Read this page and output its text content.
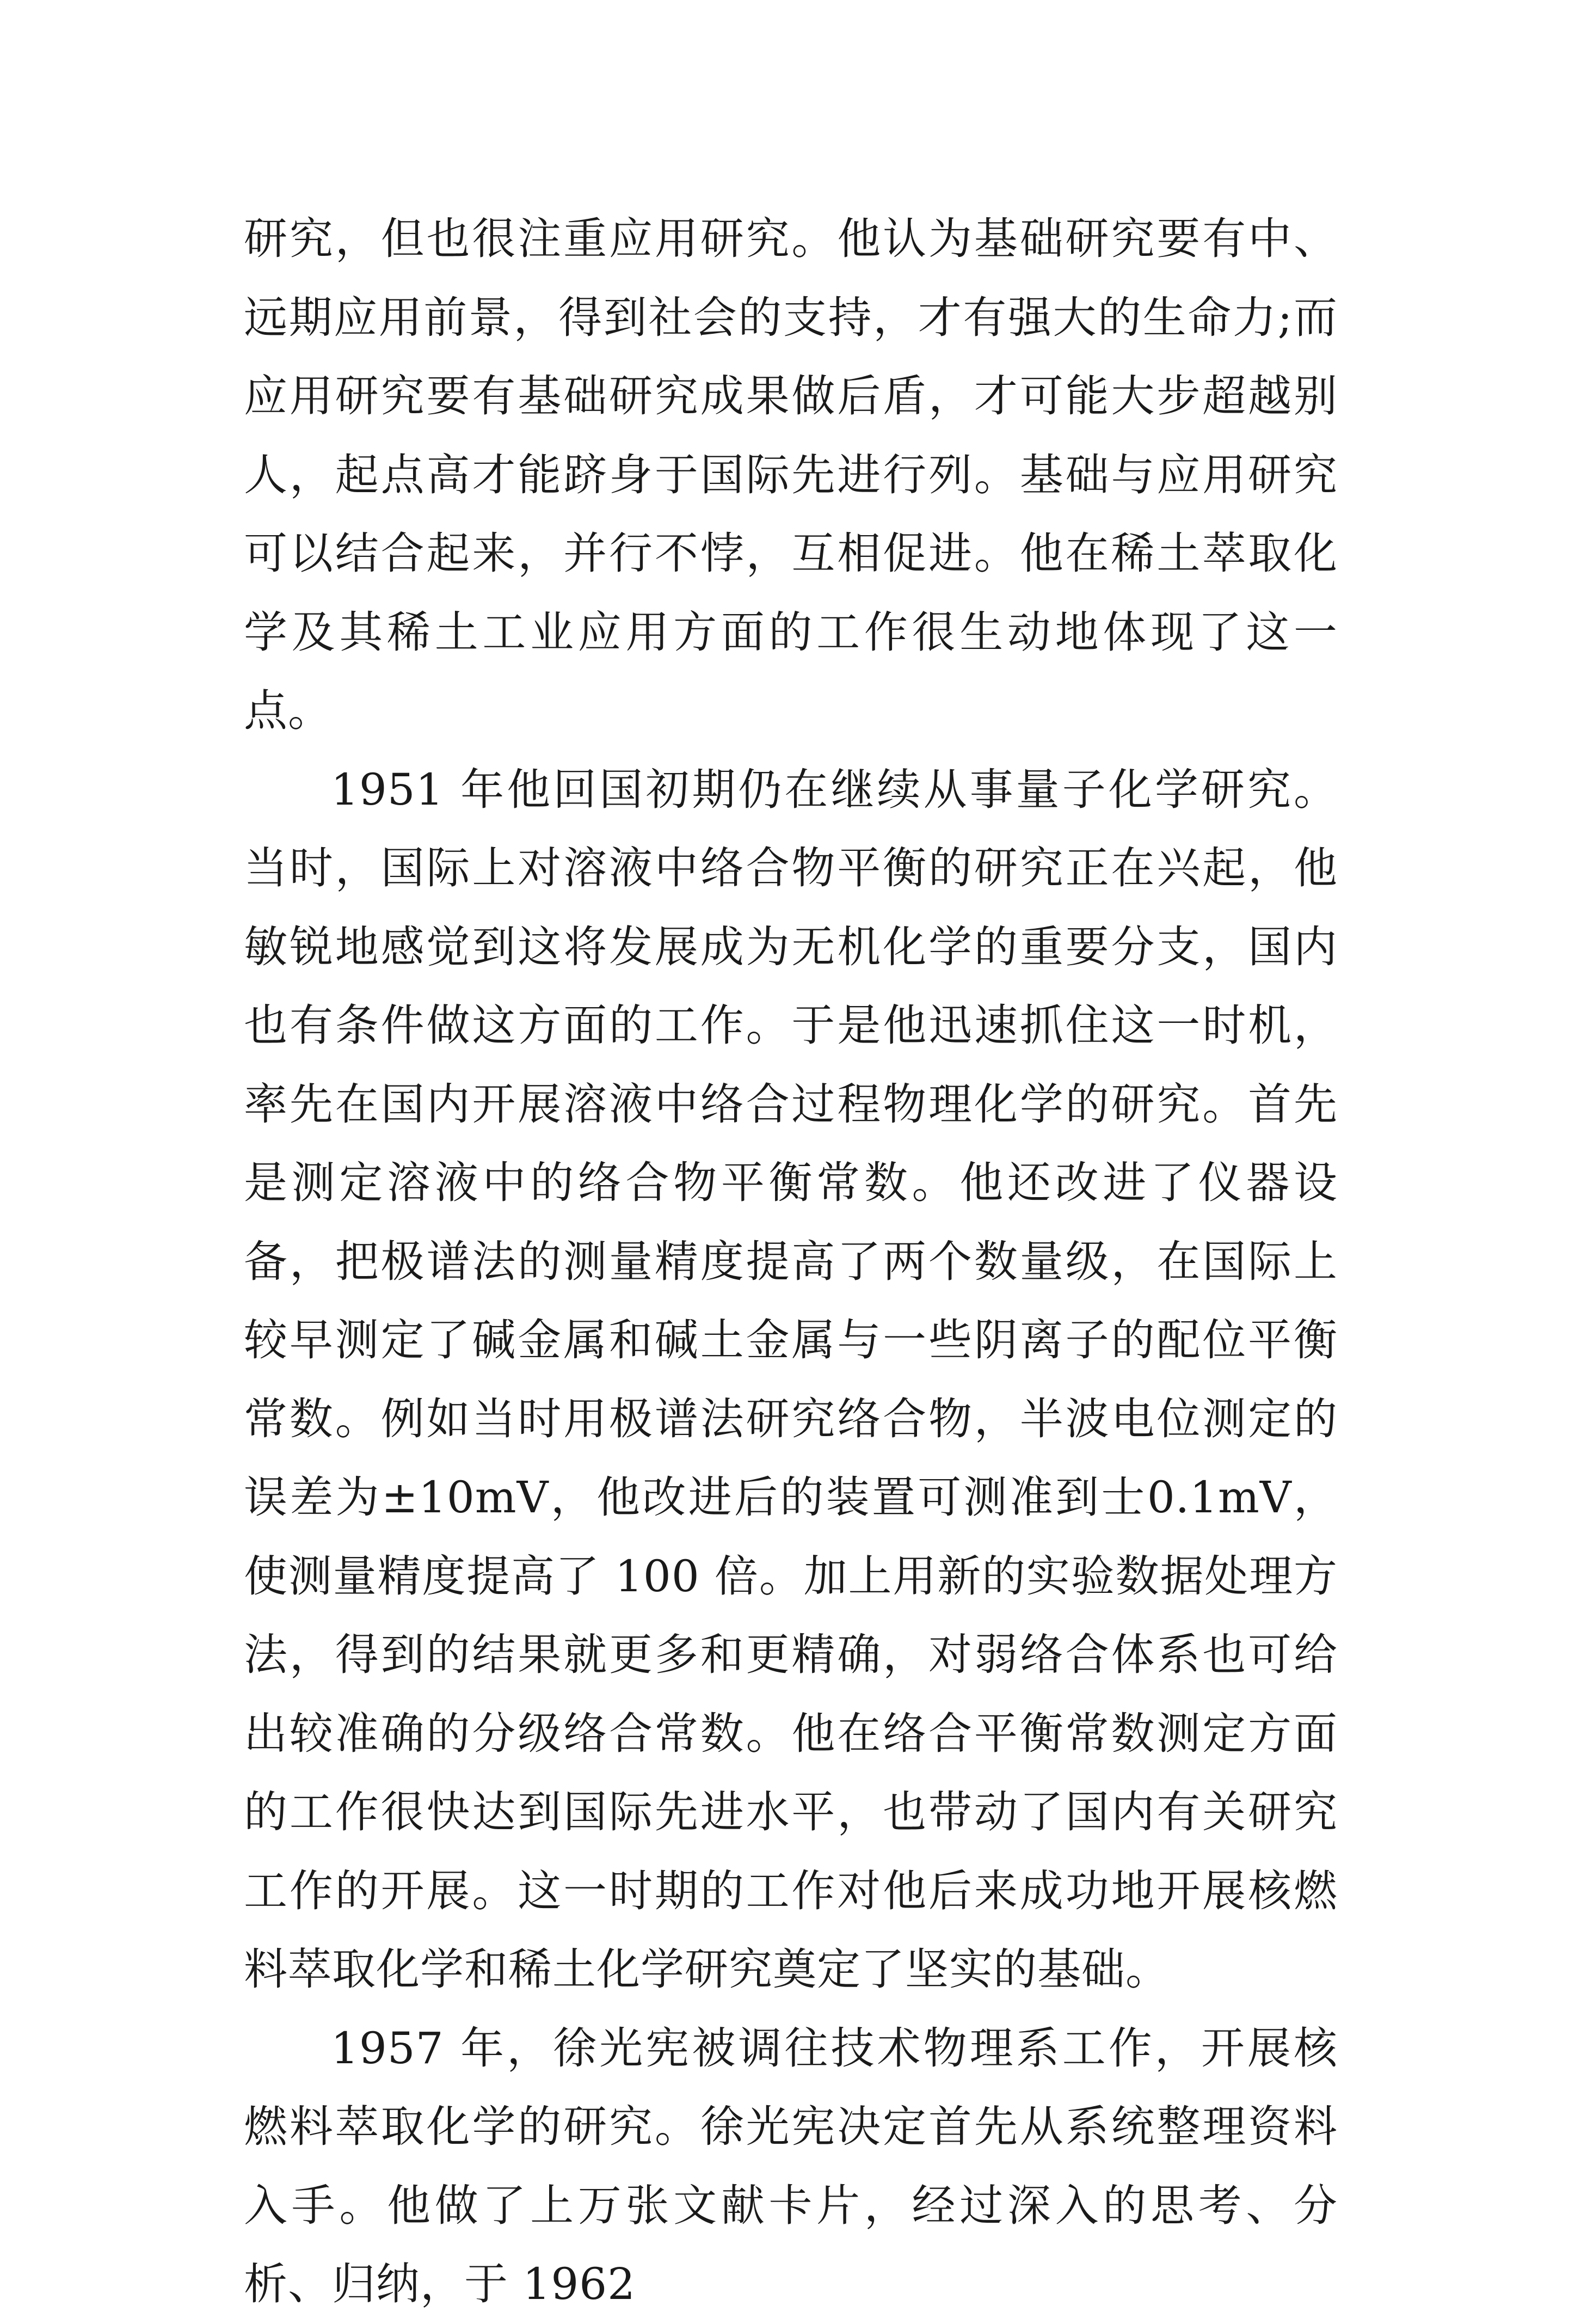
研究，但也很注重应用研究。他认为基础研究要有中、远期应用前景，得到社会的支持，才有强大的生命力;而应用研究要有基础研究成果做后盾，才可能大步超越别人，起点高才能跻身于国际先进行列。基础与应用研究可以结合起来，并行不悖，互相促进。他在稀土萃取化学及其稀土工业应用方面的工作很生动地体现了这一点。

1951 年他回国初期仍在继续从事量子化学研究。当时，国际上对溶液中络合物平衡的研究正在兴起，他敏锐地感觉到这将发展成为无机化学的重要分支，国内也有条件做这方面的工作。于是他迅速抓住这一时机，率先在国内开展溶液中络合过程物理化学的研究。首先是测定溶液中的络合物平衡常数。他还改进了仪器设备，把极谱法的测量精度提高了两个数量级，在国际上较早测定了碱金属和碱土金属与一些阴离子的配位平衡常数。例如当时用极谱法研究络合物，半波电位测定的误差为±10mV，他改进后的装置可测准到士0.1mV，使测量精度提高了 100 倍。加上用新的实验数据处理方法，得到的结果就更多和更精确，对弱络合体系也可给出较准确的分级络合常数。他在络合平衡常数测定方面的工作很快达到国际先进水平，也带动了国内有关研究工作的开展。这一时期的工作对他后来成功地开展核燃料萃取化学和稀土化学研究奠定了坚实的基础。

1957 年，徐光宪被调往技术物理系工作，开展核燃料萃取化学的研究。徐光宪决定首先从系统整理资料入手。他做了上万张文献卡片，经过深入的思考、分析、归纳，于 1962
